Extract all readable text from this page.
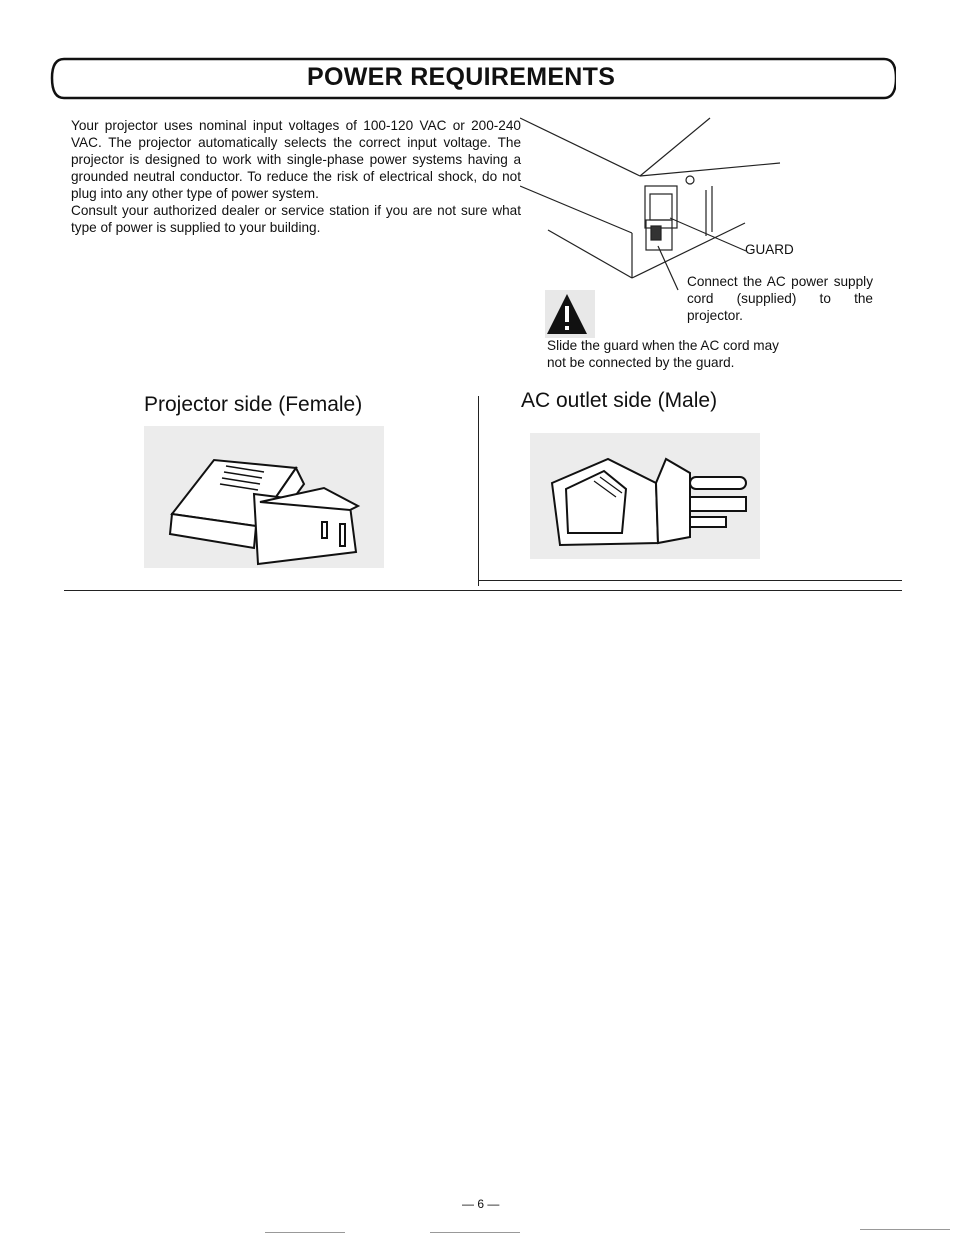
POWER REQUIREMENTS

Your projector uses nominal input voltages of 100-120 VAC or 200-240 VAC. The projector automatically selects the correct input voltage. The projector is designed to work with single-phase power systems having a grounded neutral conductor. To reduce the risk of electrical shock, do not plug into any other type of power system.

Consult your authorized dealer or service station if you are not sure what type of power is supplied to your building.

GUARD
Connect the AC power supply cord (supplied) to the projector.
Slide the guard when the AC cord may
not be connected by the guard.
Projector side (Female)	AC outlet side (Male)
— 6 —
